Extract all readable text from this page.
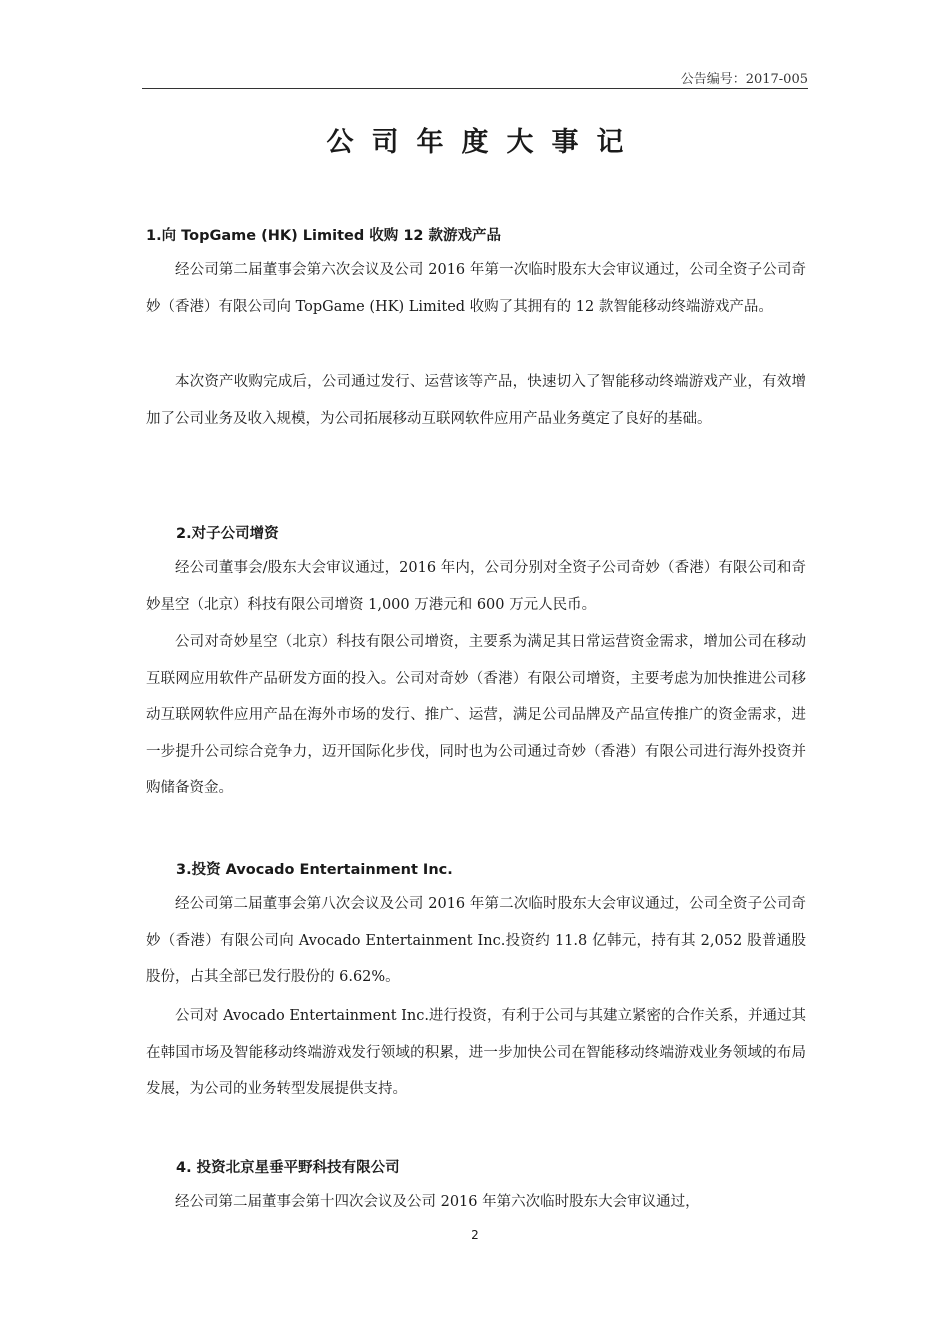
公告编号：2017-005
公司年度大事记
1.向 TopGame (HK) Limited 收购 12 款游戏产品
经公司第二届董事会第六次会议及公司 2016 年第一次临时股东大会审议通过，公司全资子公司奇妙（香港）有限公司向 TopGame (HK) Limited 收购了其拥有的 12 款智能移动终端游戏产品。
本次资产收购完成后，公司通过发行、运营该等产品，快速切入了智能移动终端游戏产业，有效增加了公司业务及收入规模，为公司拓展移动互联网软件应用产品业务奠定了良好的基础。
2.对子公司增资
经公司董事会/股东大会审议通过，2016 年内，公司分别对全资子公司奇妙（香港）有限公司和奇妙星空（北京）科技有限公司增资 1,000 万港元和 600 万元人民币。
公司对奇妙星空（北京）科技有限公司增资，主要系为满足其日常运营资金需求，增加公司在移动互联网应用软件产品研发方面的投入。公司对奇妙（香港）有限公司增资，主要考虑为加快推进公司移动互联网软件应用产品在海外市场的发行、推广、运营，满足公司品牌及产品宣传推广的资金需求，进一步提升公司综合竞争力，迈开国际化步伐，同时也为公司通过奇妙（香港）有限公司进行海外投资并购储备资金。
3.投资 Avocado Entertainment Inc.
经公司第二届董事会第八次会议及公司 2016 年第二次临时股东大会审议通过，公司全资子公司奇妙（香港）有限公司向 Avocado Entertainment Inc.投资约 11.8 亿韩元，持有其 2,052 股普通股股份，占其全部已发行股份的 6.62%。
公司对 Avocado Entertainment Inc.进行投资，有利于公司与其建立紧密的合作关系，并通过其在韩国市场及智能移动终端游戏发行领域的积累，进一步加快公司在智能移动终端游戏业务领域的布局发展，为公司的业务转型发展提供支持。
4. 投资北京星垂平野科技有限公司
经公司第二届董事会第十四次会议及公司 2016 年第六次临时股东大会审议通过，
2
